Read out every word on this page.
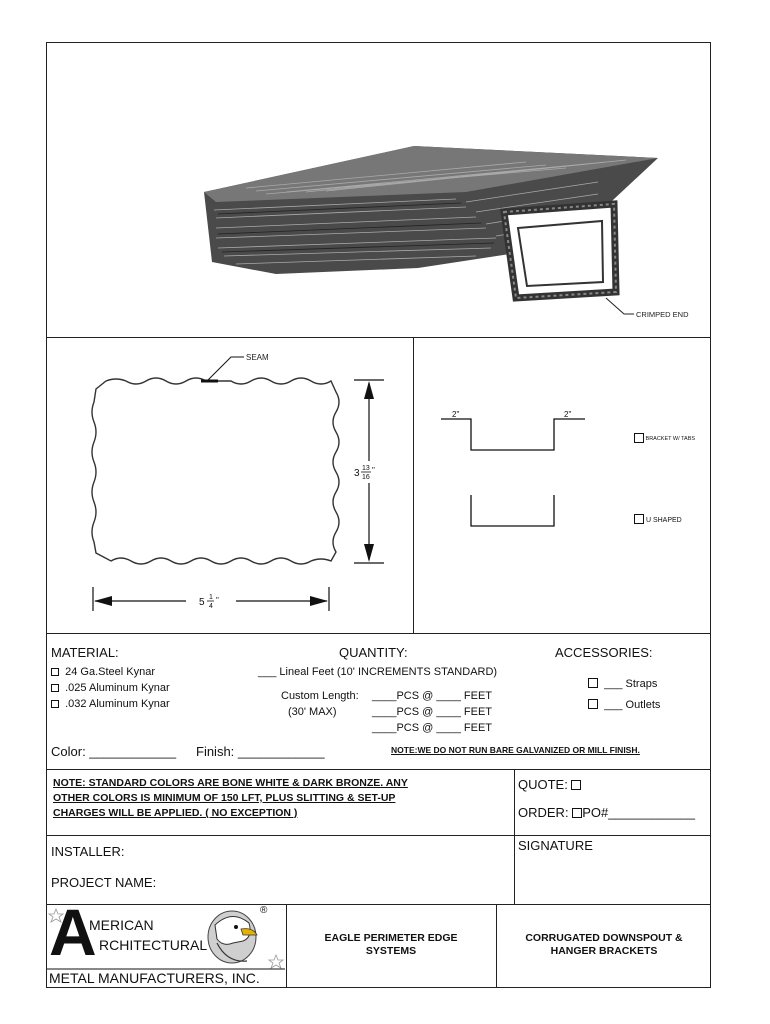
CRIMPED END
SEAM
3 13
16
"
5 1
4
"
2"	2"
BRACKET W/ TABS
U SHAPED
MATERIAL:
24 Ga.Steel Kynar
.025 Aluminum Kynar
.032 Aluminum Kynar
Color: ____________ Finish: ____________
QUANTITY:
___ Lineal Feet (10' INCREMENTS STANDARD)
Custom Length:
(30' MAX)
____PCS @ ____ FEET
____PCS @ ____ FEET
____PCS @ ____ FEET
NOTE:WE DO NOT RUN BARE GALVANIZED OR MILL FINISH.
ACCESSORIES:
___ Straps
___ Outlets
NOTE: STANDARD COLORS ARE BONE WHITE & DARK BRONZE. ANY
OTHER COLORS IS MINIMUM OF 150 LFT, PLUS SLITTING & SET-UP
CHARGES WILL BE APPLIED. ( NO EXCEPTION )
QUOTE:
ORDER: PO#____________
INSTALLER:
PROJECT NAME:
SIGNATURE
A
MERICAN
RCHITECTURAL
METAL MANUFACTURERS, INC.
®
EAGLE PERIMETER EDGE
SYSTEMS
CORRUGATED DOWNSPOUT &
HANGER BRACKETS
